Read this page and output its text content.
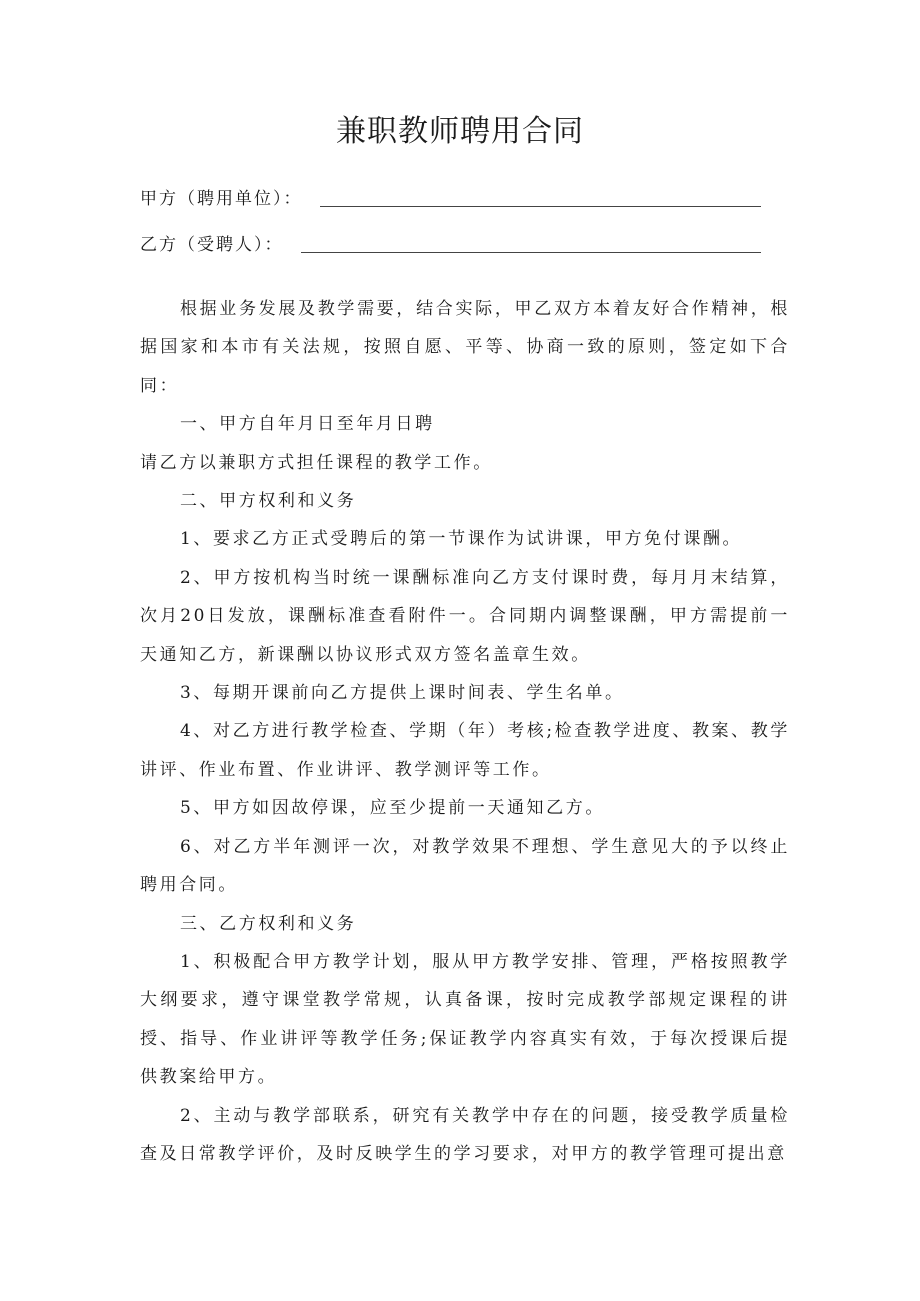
兼职教师聘用合同
甲方（聘用单位）：
乙方（受聘人）：

根据业务发展及教学需要，结合实际，甲乙双方本着友好合作精神，根据国家和本市有关法规，按照自愿、平等、协商一致的原则，签定如下合同：

一、甲方自年月日至年月日聘

请乙方以兼职方式担任课程的教学工作。

二、甲方权利和义务

1、要求乙方正式受聘后的第一节课作为试讲课，甲方免付课酬。

2、甲方按机构当时统一课酬标准向乙方支付课时费，每月月末结算，次月20日发放，课酬标准查看附件一。合同期内调整课酬，甲方需提前一天通知乙方，新课酬以协议形式双方签名盖章生效。

3、每期开课前向乙方提供上课时间表、学生名单。

4、对乙方进行教学检查、学期（年）考核;检查教学进度、教案、教学讲评、作业布置、作业讲评、教学测评等工作。

5、甲方如因故停课，应至少提前一天通知乙方。

6、对乙方半年测评一次，对教学效果不理想、学生意见大的予以终止聘用合同。

三、乙方权利和义务

1、积极配合甲方教学计划，服从甲方教学安排、管理，严格按照教学大纲要求，遵守课堂教学常规，认真备课，按时完成教学部规定课程的讲授、指导、作业讲评等教学任务;保证教学内容真实有效，于每次授课后提供教案给甲方。

2、主动与教学部联系，研究有关教学中存在的问题，接受教学质量检查及日常教学评价，及时反映学生的学习要求，对甲方的教学管理可提出意
